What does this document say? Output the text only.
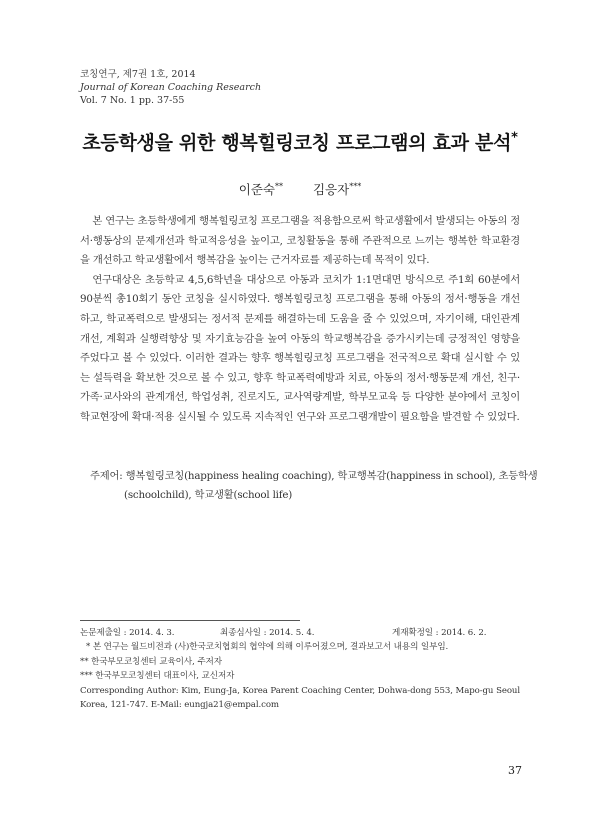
코칭연구, 제7권 1호, 2014
Journal of Korean Coaching Research
Vol. 7 No. 1 pp. 37-55
초등학생을 위한 행복힐링코칭 프로그램의 효과 분석*
이준숙** 김응자***

본 연구는 초등학생에게 행복힐링코칭 프로그램을 적용함으로써 학교생활에서 발생되는 아동의 정서·행동상의 문제개선과 학교적응성을 높이고, 코칭활동을 통해 주관적으로 느끼는 행복한 학교환경을 개선하고 학교생활에서 행복감을 높이는 근거자료를 제공하는데 목적이 있다.

연구대상은 초등학교 4,5,6학년을 대상으로 아동과 코치가 1:1면대면 방식으로 주1회 60분에서 90분씩 총10회기 동안 코칭을 실시하였다. 행복힐링코칭 프로그램을 통해 아동의 정서·행동을 개선하고, 학교폭력으로 발생되는 정서적 문제를 해결하는데 도움을 줄 수 있었으며, 자기이해, 대인관계개선, 계획과 실행력향상 및 자기효능감을 높여 아동의 학교행복감을 증가시키는데 긍정적인 영향을 주었다고 볼 수 있었다. 이러한 결과는 향후 행복힐링코칭 프로그램을 전국적으로 확대 실시할 수 있는 설득력을 확보한 것으로 볼 수 있고, 향후 학교폭력예방과 치료, 아동의 정서·행동문제 개선, 친구·가족·교사와의 관계개선, 학업성취, 진로지도, 교사역량계발, 학부모교육 등 다양한 분야에서 코칭이 학교현장에 확대·적용 실시될 수 있도록 지속적인 연구와 프로그램개발이 필요함을 발견할 수 있었다.

주제어: 행복힐링코칭(happiness healing coaching), 학교행복감(happiness in school), 초등학생(schoolchild), 학교생활(school life)
논문제출일 : 2014. 4. 3.	최종심사일 : 2014. 5. 4.	게재확정일 : 2014. 6. 2.
* 본 연구는 월드비전과 (사)한국코치협회의 협약에 의해 이루어졌으며, 결과보고서 내용의 일부임.
** 한국부모코칭센터 교육이사, 주저자
*** 한국부모코칭센터 대표이사, 교신저자
Corresponding Author: Kim, Eung-Ja, Korea Parent Coaching Center, Dohwa-dong 553, Mapo-gu Seoul Korea, 121-747. E-Mail: eungja21@empal.com
37
